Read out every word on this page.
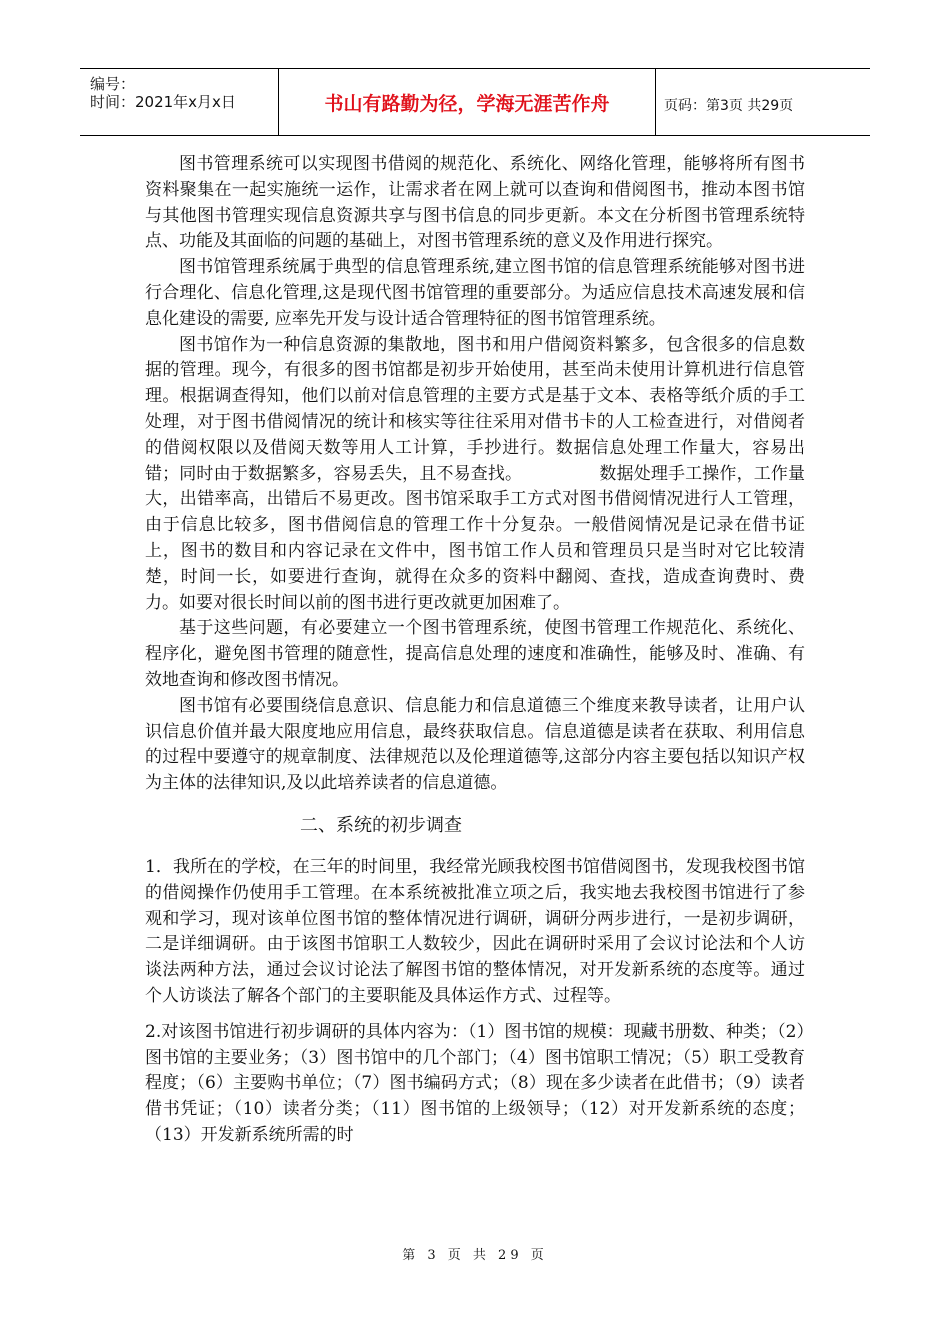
编号：
时间：2021年x月x日	书山有路勤为径，学海无涯苦作舟	页码：第3页 共29页

图书管理系统可以实现图书借阅的规范化、系统化、网络化管理，能够将所有图书资料聚集在一起实施统一运作，让需求者在网上就可以查询和借阅图书，推动本图书馆与其他图书管理实现信息资源共享与图书信息的同步更新。本文在分析图书管理系统特点、功能及其面临的问题的基础上，对图书管理系统的意义及作用进行探究。

图书馆管理系统属于典型的信息管理系统,建立图书馆的信息管理系统能够对图书进行合理化、信息化管理,这是现代图书馆管理的重要部分。为适应信息技术高速发展和信息化建设的需要, 应率先开发与设计适合管理特征的图书馆管理系统。

图书馆作为一种信息资源的集散地，图书和用户借阅资料繁多，包含很多的信息数据的管理。现今，有很多的图书馆都是初步开始使用，甚至尚未使用计算机进行信息管理。根据调查得知，他们以前对信息管理的主要方式是基于文本、表格等纸介质的手工处理，对于图书借阅情况的统计和核实等往往采用对借书卡的人工检查进行，对借阅者的借阅权限以及借阅天数等用人工计算，手抄进行。数据信息处理工作量大，容易出错；同时由于数据繁多，容易丢失，且不易查找。　　　　　数据处理手工操作，工作量大，出错率高，出错后不易更改。图书馆采取手工方式对图书借阅情况进行人工管理，由于信息比较多，图书借阅信息的管理工作十分复杂。一般借阅情况是记录在借书证上，图书的数目和内容记录在文件中，图书馆工作人员和管理员只是当时对它比较清楚，时间一长，如要进行查询，就得在众多的资料中翻阅、查找，造成查询费时、费力。如要对很长时间以前的图书进行更改就更加困难了。

基于这些问题，有必要建立一个图书管理系统，使图书管理工作规范化、系统化、程序化，避免图书管理的随意性，提高信息处理的速度和准确性，能够及时、准确、有效地查询和修改图书情况。

图书馆有必要围绕信息意识、信息能力和信息道德三个维度来教导读者，让用户认识信息价值并最大限度地应用信息，最终获取信息。信息道德是读者在获取、利用信息的过程中要遵守的规章制度、法律规范以及伦理道德等,这部分内容主要包括以知识产权为主体的法律知识,及以此培养读者的信息道德。

二、系统的初步调查

1．我所在的学校，在三年的时间里，我经常光顾我校图书馆借阅图书，发现我校图书馆的借阅操作仍使用手工管理。在本系统被批准立项之后，我实地去我校图书馆进行了参观和学习，现对该单位图书馆的整体情况进行调研，调研分两步进行，一是初步调研，二是详细调研。由于该图书馆职工人数较少，因此在调研时采用了会议讨论法和个人访谈法两种方法，通过会议讨论法了解图书馆的整体情况，对开发新系统的态度等。通过个人访谈法了解各个部门的主要职能及具体运作方式、过程等。

2.对该图书馆进行初步调研的具体内容为：（1）图书馆的规模：现藏书册数、种类；（2）图书馆的主要业务；（3）图书馆中的几个部门；（4）图书馆职工情况；（5）职工受教育程度；（6）主要购书单位；（7）图书编码方式；（8）现在多少读者在此借书；（9）读者借书凭证；（10）读者分类；（11）图书馆的上级领导；（12）对开发新系统的态度；（13）开发新系统所需的时

第 3 页 共 29 页
